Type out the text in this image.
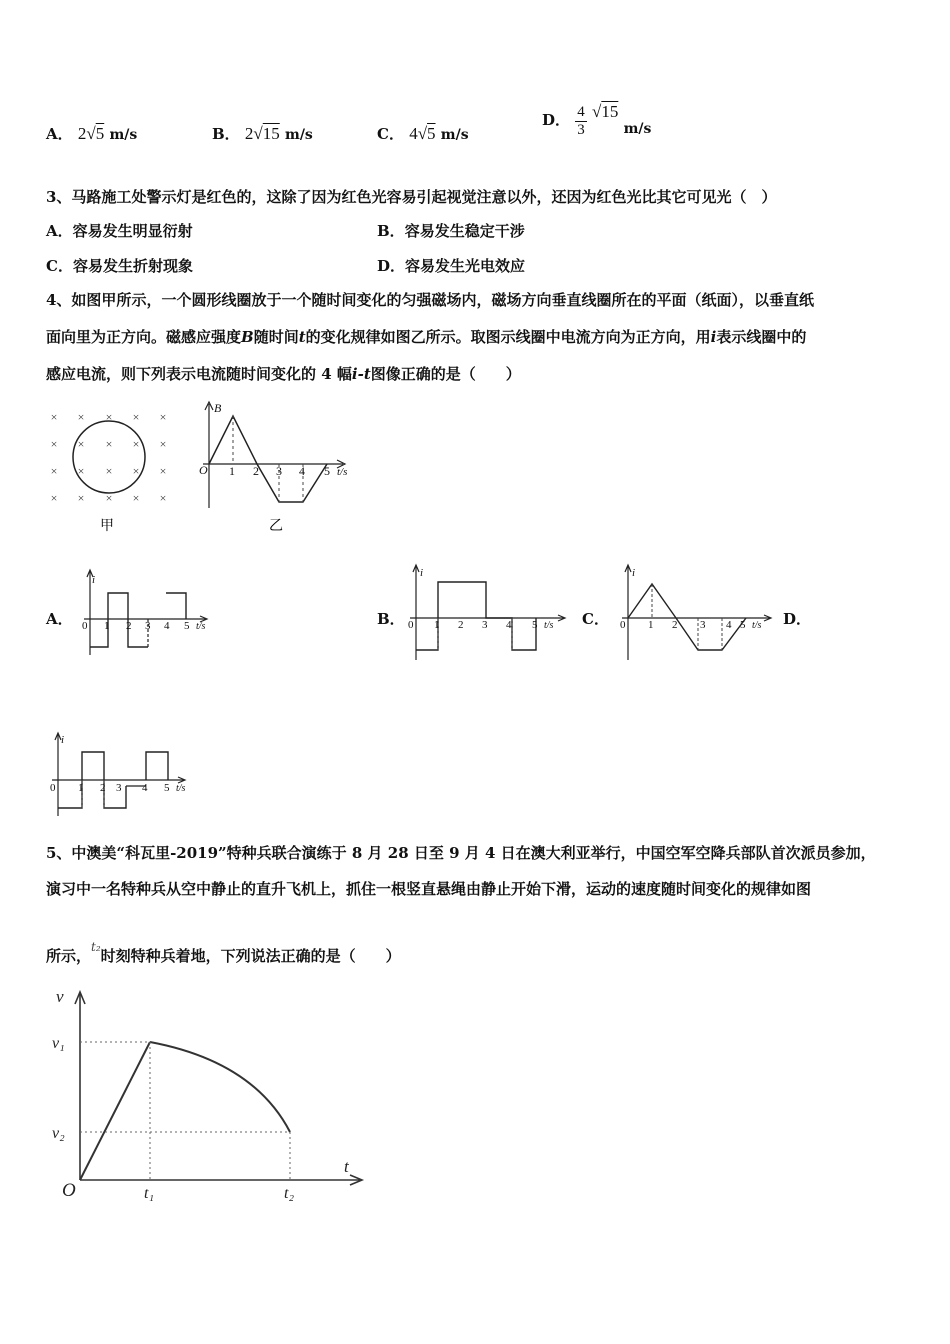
A． 2√5 m/s	B． 2√15 m/s	C． 4√5 m/s
D． $\frac{4}{3} √15$ m/s
3、马路施工处警示灯是红色的，这除了因为红色光容易引起视觉注意以外，还因为红色光比其它可见光（　）
A．容易发生明显衍射	B．容易发生稳定干涉
C．容易发生折射现象	D．容易发生光电效应
4、如图甲所示，一个圆形线圈放于一个随时间变化的匀强磁场内，磁场方向垂直线圈所在的平面（纸面），以垂直纸
面向里为正方向。磁感应强度B随时间t的变化规律如图乙所示。取图示线圈中电流方向为正方向，用i表示线圈中的
感应电流，则下列表示电流随时间变化的 4 幅i-t图像正确的是（　　）
× × × × ×
× × × × ×
× × × × ×
× × × × ×
甲
B
O 1 2 3 4 5 t/s
乙
A．
i
0 1 2 3 4 5 t/s	B．
i
0 1 2 3 4 5 t/s C．
i
0 1 2 3 4 5 t/s D．
i
0 1 2 3 4 5 t/s
5、中澳美“科瓦里-2019”特种兵联合演练于 8 月 28 日至 9 月 4 日在澳大利亚举行，中国空军空降兵部队首次派员参加，
演习中一名特种兵从空中静止的直升飞机上，抓住一根竖直悬绳由静止开始下滑，运动的速度随时间变化的规律如图
所示，$^{t_2}$时刻特种兵着地，下列说法正确的是（　　）
v
t
O
v₁
v₂
t₁	t₂
